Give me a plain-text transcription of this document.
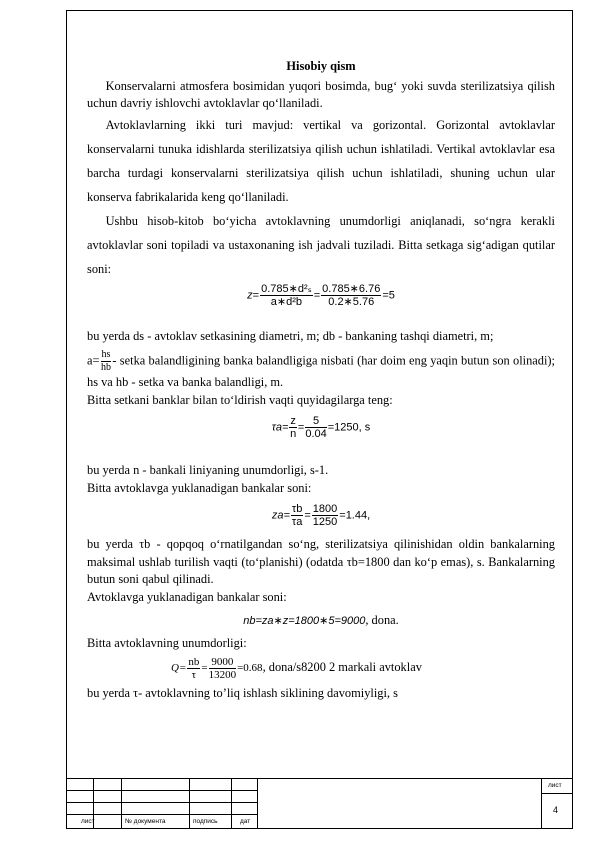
Hisobiy qism

  Konservalarni atmosfera bosimidan yuqori bosimda, bug‘ yoki suvda sterilizatsiya qilish uchun davriy ishlovchi avtoklavlar qo‘llaniladi.

  Avtoklavlarning ikki turi mavjud: vertikal va gorizontal. Gorizontal avtoklavlar konservalarni tunuka idishlarda sterilizatsiya qilish uchun ishlatiladi. Vertikal avtoklavlar esa barcha turdagi konservalarni sterilizatsiya qilish uchun ishlatiladi, shuning uchun ular konserva fabrikalarida keng qo‘llaniladi.

  Ushbu hisob-kitob bo‘yicha avtoklavning unumdorligi aniqlanadi, so‘ngra kerakli avtoklavlar soni topiladi va ustaxonaning ish jadvali tuziladi. Bitta setkaga sig‘adigan qutilar soni:

$z= \frac{\text{0.785∗d²ₛ}}{\text{a∗d²b}} = \frac{0.785∗6.76}{0.2∗5.76} =5$

bu yerda ds - avtoklav setkasining diametri, m; db - bankaning tashqi diametri, m;

$a= \frac{hs}{hb}$ - setka balandligining banka balandligiga nisbati (har doim eng yaqin butun son olinadi); hs va hb - setka va banka balandligi, m.

Bitta setkani banklar bilan to‘ldirish vaqti quyidagilarga teng:

$\tau a= \frac{z}{n} = \frac{5}{0.04} =1250$, s

bu yerda n - bankali liniyaning unumdorligi, s-1.

Bitta avtoklavga yuklanadigan bankalar soni:

$za= \frac{\tau b}{\tau a} = \frac{1800}{1250} =1.44$,

bu yerda τb - qopqoq o‘rnatilgandan so‘ng, sterilizatsiya qilinishidan oldin bankalarning maksimal ushlab turilish vaqti (to‘planishi) (odatda τb=1800 dan ko‘p emas), s. Bankalarning butun soni qabul qilinadi.

Avtoklavga yuklanadigan bankalar soni:

nb=za∗z=1800∗5=9000, dona.

Bitta avtoklavning unumdorligi:

$Q= \frac{nb}{\tau} = \frac{9000}{13200} =0.68$, dona/s8200 2 markali avtoklav

bu yerda τ- avtoklavning to’liq ishlash siklining davomiyligi, s

лист	№ документа	подпись	дат
лист
4
